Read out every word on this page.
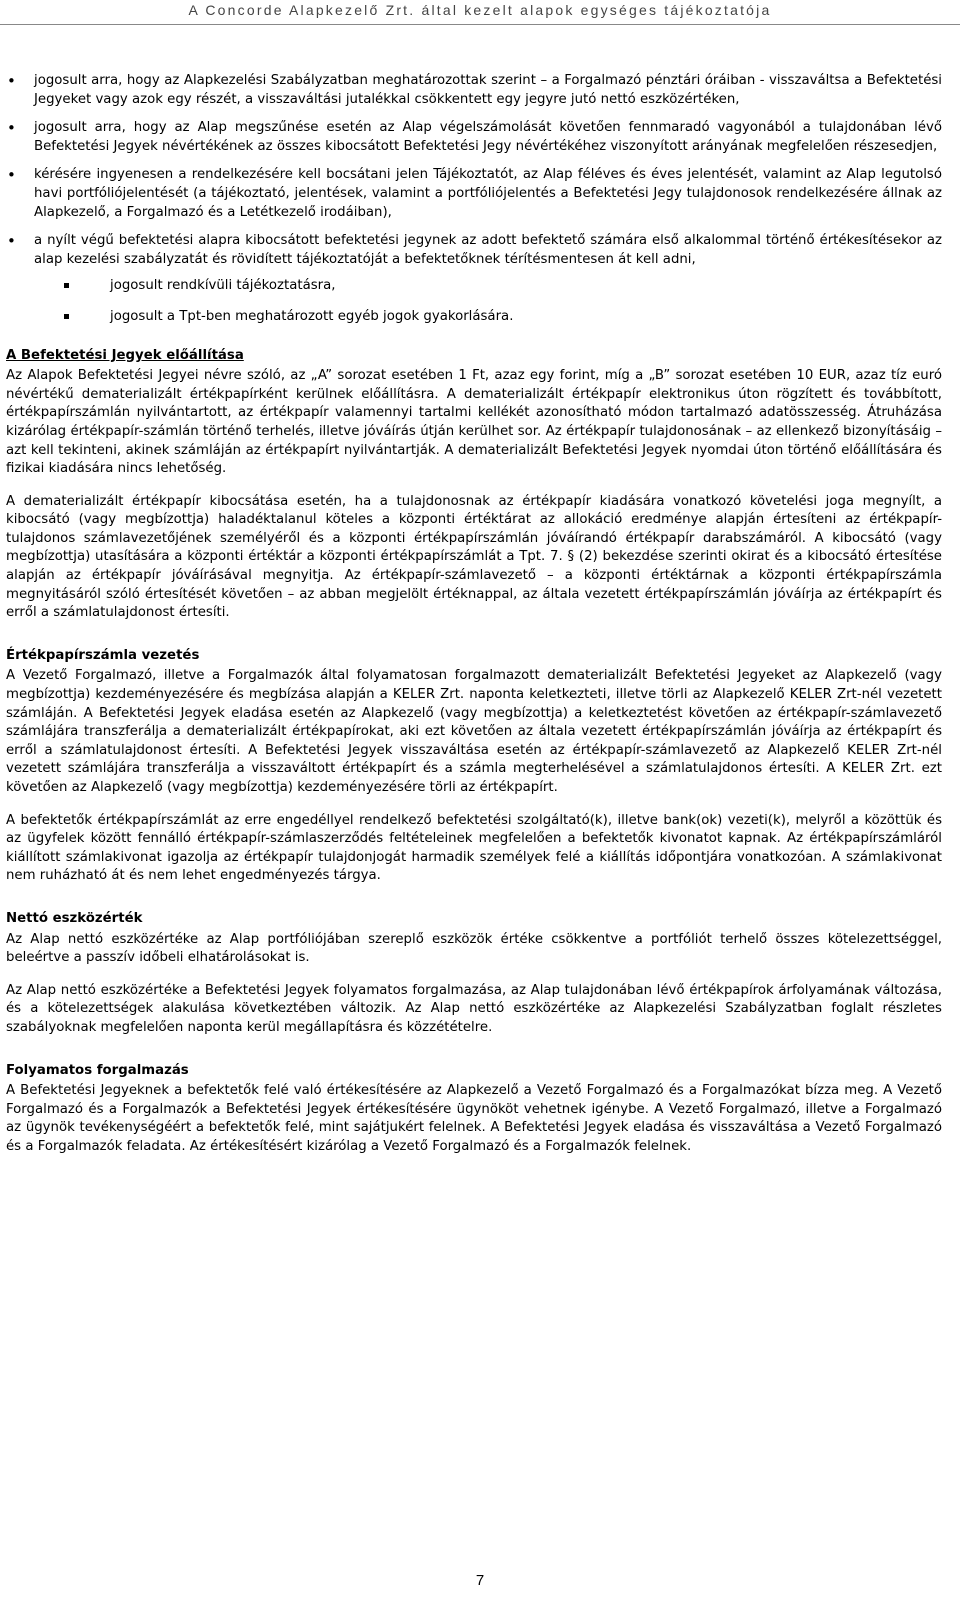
A Concorde Alapkezelő Zrt. által kezelt alapok egységes tájékoztatója
• jogosult arra, hogy az Alapkezelési Szabályzatban meghatározottak szerint – a Forgalmazó pénztári óráiban - visszaváltsa a Befektetési Jegyeket vagy azok egy részét, a visszaváltási jutalékkal csökkentett egy jegyre jutó nettó eszközértéken,
• jogosult arra, hogy az Alap megszűnése esetén az Alap végelszámolását követően fennmaradó vagyonából a tulajdonában lévő Befektetési Jegyek névértékének az összes kibocsátott Befektetési Jegy névértékéhez viszonyított arányának megfelelően részesedjen,
• kérésére ingyenesen a rendelkezésére kell bocsátani jelen Tájékoztatót, az Alap féléves és éves jelentését, valamint az Alap legutolsó havi portfóliójelentését (a tájékoztató, jelentések, valamint a portfóliójelentés a Befektetési Jegy tulajdonosok rendelkezésére állnak az Alapkezelő, a Forgalmazó és a Letétkezelő irodáiban),
• a nyílt végű befektetési alapra kibocsátott befektetési jegynek az adott befektető számára első alkalommal történő értékesítésekor az alap kezelési szabályzatát és rövidített tájékoztatóját a befektetőknek térítésmentesen át kell adni,
jogosult rendkívüli tájékoztatásra,
jogosult a Tpt-ben meghatározott egyéb jogok gyakorlására.
A Befektetési Jegyek előállítása

Az Alapok Befektetési Jegyei névre szóló, az „A” sorozat esetében 1 Ft, azaz egy forint, míg a „B” sorozat esetében 10 EUR, azaz tíz euró névértékű dematerializált értékpapírként kerülnek előállításra. A dematerializált értékpapír elektronikus úton rögzített és továbbított, értékpapírszámlán nyilvántartott, az értékpapír valamennyi tartalmi kellékét azonosítható módon tartalmazó adatösszesség. Átruházása kizárólag értékpapír-számlán történő terhelés, illetve jóváírás útján kerülhet sor. Az értékpapír tulajdonosának – az ellenkező bizonyításáig – azt kell tekinteni, akinek számláján az értékpapírt nyilvántartják. A dematerializált Befektetési Jegyek nyomdai úton történő előállítására és fizikai kiadására nincs lehetőség.

A dematerializált értékpapír kibocsátása esetén, ha a tulajdonosnak az értékpapír kiadására vonatkozó követelési joga megnyílt, a kibocsátó (vagy megbízottja) haladéktalanul köteles a központi értéktárat az allokáció eredménye alapján értesíteni az értékpapír-tulajdonos számlavezetőjének személyéről és a központi értékpapírszámlán jóváírandó értékpapír darabszámáról. A kibocsátó (vagy megbízottja) utasítására a központi értéktár a központi értékpapírszámlát a Tpt. 7. § (2) bekezdése szerinti okirat és a kibocsátó értesítése alapján az értékpapír jóváírásával megnyitja. Az értékpapír-számlavezető – a központi értéktárnak a központi értékpapírszámla megnyitásáról szóló értesítését követően – az abban megjelölt értéknappal, az általa vezetett értékpapírszámlán jóváírja az értékpapírt és erről a számlatulajdonost értesíti.

Értékpapírszámla vezetés

A Vezető Forgalmazó, illetve a Forgalmazók által folyamatosan forgalmazott dematerializált Befektetési Jegyeket az Alapkezelő (vagy megbízottja) kezdeményezésére és megbízása alapján a KELER Zrt. naponta keletkezteti, illetve törli az Alapkezelő KELER Zrt-nél vezetett számláján. A Befektetési Jegyek eladása esetén az Alapkezelő (vagy megbízottja) a keletkeztetést követően az értékpapír-számlavezető számlájára transzferálja a dematerializált értékpapírokat, aki ezt követően az általa vezetett értékpapírszámlán jóváírja az értékpapírt és erről a számlatulajdonost értesíti. A Befektetési Jegyek visszaváltása esetén az értékpapír-számlavezető az Alapkezelő KELER Zrt-nél vezetett számlájára transzferálja a visszaváltott értékpapírt és a számla megterhelésével a számlatulajdonos értesíti. A KELER Zrt. ezt követően az Alapkezelő (vagy megbízottja) kezdeményezésére törli az értékpapírt.

A befektetők értékpapírszámlát az erre engedéllyel rendelkező befektetési szolgáltató(k), illetve bank(ok) vezeti(k), melyről a közöttük és az ügyfelek között fennálló értékpapír-számlaszerződés feltételeinek megfelelően a befektetők kivonatot kapnak. Az értékpapírszámláról kiállított számlakivonat igazolja az értékpapír tulajdonjogát harmadik személyek felé a kiállítás időpontjára vonatkozóan. A számlakivonat nem ruházható át és nem lehet engedményezés tárgya.

Nettó eszközérték

Az Alap nettó eszközértéke az Alap portfóliójában szereplő eszközök értéke csökkentve a portfóliót terhelő összes kötelezettséggel, beleértve a passzív időbeli elhatárolásokat is.

Az Alap nettó eszközértéke a Befektetési Jegyek folyamatos forgalmazása, az Alap tulajdonában lévő értékpapírok árfolyamának változása, és a kötelezettségek alakulása következtében változik. Az Alap nettó eszközértéke az Alapkezelési Szabályzatban foglalt részletes szabályoknak megfelelően naponta kerül megállapításra és közzétételre.

Folyamatos forgalmazás

A Befektetési Jegyeknek a befektetők felé való értékesítésére az Alapkezelő a Vezető Forgalmazó és a Forgalmazókat bízza meg. A Vezető Forgalmazó és a Forgalmazók a Befektetési Jegyek értékesítésére ügynököt vehetnek igénybe. A Vezető Forgalmazó, illetve a Forgalmazó az ügynök tevékenységéért a befektetők felé, mint sajátjukért felelnek. A Befektetési Jegyek eladása és visszaváltása a Vezető Forgalmazó és a Forgalmazók feladata. Az értékesítésért kizárólag a Vezető Forgalmazó és a Forgalmazók felelnek.

7
